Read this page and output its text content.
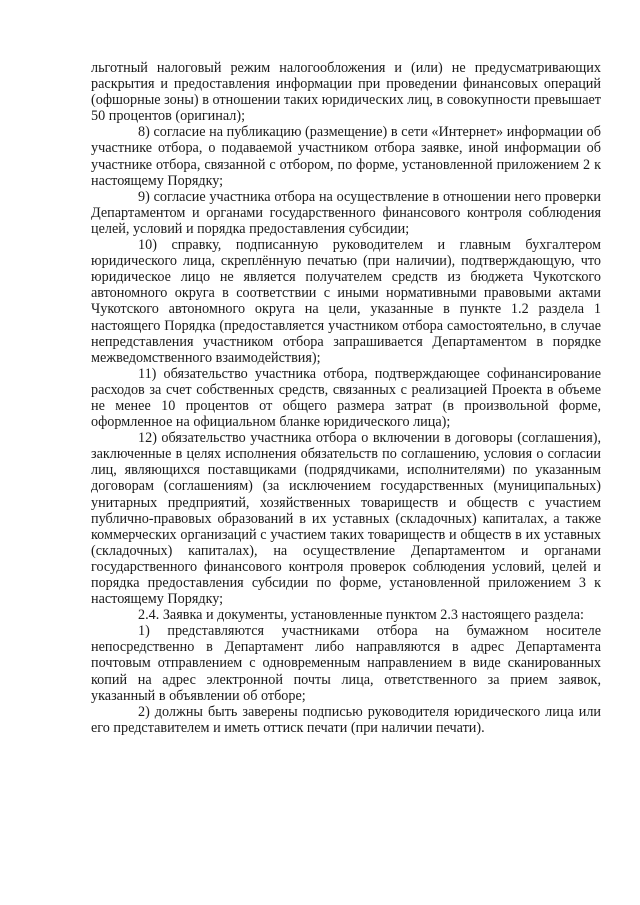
льготный налоговый режим налогообложения и (или) не предусматривающих раскрытия и предоставления информации при проведении финансовых операций (офшорные зоны) в отношении таких юридических лиц, в совокупности превышает 50 процентов (оригинал);

8) согласие на публикацию (размещение) в сети «Интернет» информации об участнике отбора, о подаваемой участником отбора заявке, иной информации об участнике отбора, связанной с отбором, по форме, установленной приложением 2 к настоящему Порядку;

9) согласие участника отбора на осуществление в отношении него проверки Департаментом и органами государственного финансового контроля соблюдения целей, условий и порядка предоставления субсидии;

10) справку, подписанную руководителем и главным бухгалтером юридического лица, скреплённую печатью (при наличии), подтверждающую, что юридическое лицо не является получателем средств из бюджета Чукотского автономного округа в соответствии с иными нормативными правовыми актами Чукотского автономного округа на цели, указанные в пункте 1.2 раздела 1 настоящего Порядка (предоставляется участником отбора самостоятельно, в случае непредставления участником отбора запрашивается Департаментом в порядке межведомственного взаимодействия);

11) обязательство участника отбора, подтверждающее софинансирование расходов за счет собственных средств, связанных с реализацией Проекта в объеме не менее 10 процентов от общего размера затрат (в произвольной форме, оформленное на официальном бланке юридического лица);

12) обязательство участника отбора о включении в договоры (соглашения), заключенные в целях исполнения обязательств по соглашению, условия о согласии лиц, являющихся поставщиками (подрядчиками, исполнителями) по указанным договорам (соглашениям) (за исключением государственных (муниципальных) унитарных предприятий, хозяйственных товариществ и обществ с участием публично-правовых образований в их уставных (складочных) капиталах, а также коммерческих организаций с участием таких товариществ и обществ в их уставных (складочных) капиталах), на осуществление Департаментом и органами государственного финансового контроля проверок соблюдения условий, целей и порядка предоставления субсидии по форме, установленной приложением 3 к настоящему Порядку;

2.4. Заявка и документы, установленные пунктом 2.3 настоящего раздела:

1) представляются участниками отбора на бумажном носителе непосредственно в Департамент либо направляются в адрес Департамента почтовым отправлением с одновременным направлением в виде сканированных копий на адрес электронной почты лица, ответственного за прием заявок, указанный в объявлении об отборе;

2) должны быть заверены подписью руководителя юридического лица или его представителем и иметь оттиск печати (при наличии печати).
